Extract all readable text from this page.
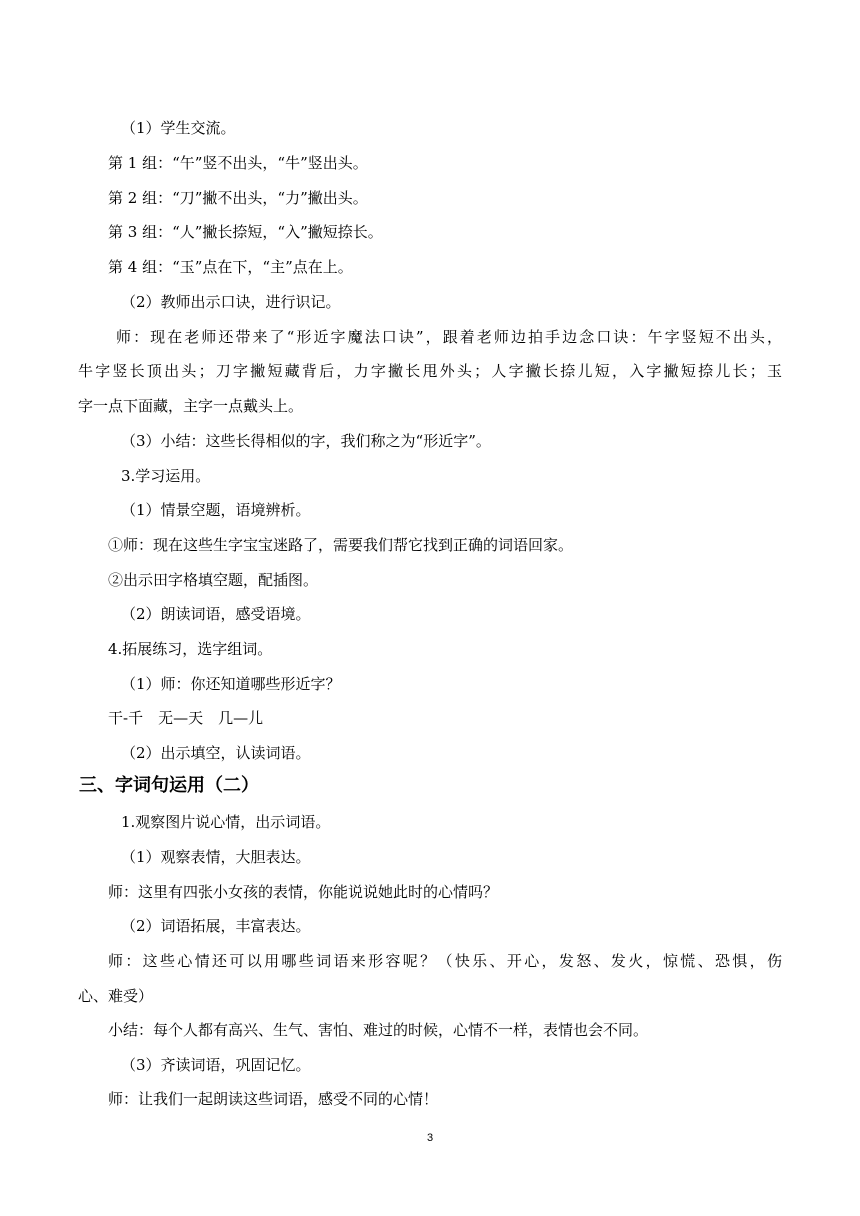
（1）学生交流。
第 1 组：“午”竖不出头，“牛”竖出头。
第 2 组：“刀”撇不出头，“力”撇出头。
第 3 组：“人”撇长捺短，“入”撇短捺长。
第 4 组：“玉”点在下，“主”点在上。
（2）教师出示口诀，进行识记。
师：现在老师还带来了“形近字魔法口诀”，跟着老师边拍手边念口诀：午字竖短不出头，
牛字竖长顶出头；刀字撇短藏背后，力字撇长甩外头；人字撇长捺儿短，入字撇短捺儿长；玉
字一点下面藏，主字一点戴头上。
（3）小结：这些长得相似的字，我们称之为“形近字”。
3.学习运用。
（1）情景空题，语境辨析。
①师：现在这些生字宝宝迷路了，需要我们帮它找到正确的词语回家。
②出示田字格填空题，配插图。
（2）朗读词语，感受语境。
4.拓展练习，选字组词。
（1）师：你还知道哪些形近字？
干-千　无—天　几—儿
（2）出示填空，认读词语。
三、字词句运用（二）
1.观察图片说心情，出示词语。
（1）观察表情，大胆表达。
师：这里有四张小女孩的表情，你能说说她此时的心情吗？
（2）词语拓展，丰富表达。
师：这些心情还可以用哪些词语来形容呢？（快乐、开心，发怒、发火，惊慌、恐惧，伤
心、难受）
小结：每个人都有高兴、生气、害怕、难过的时候，心情不一样，表情也会不同。
（3）齐读词语，巩固记忆。
师：让我们一起朗读这些词语，感受不同的心情！
3
